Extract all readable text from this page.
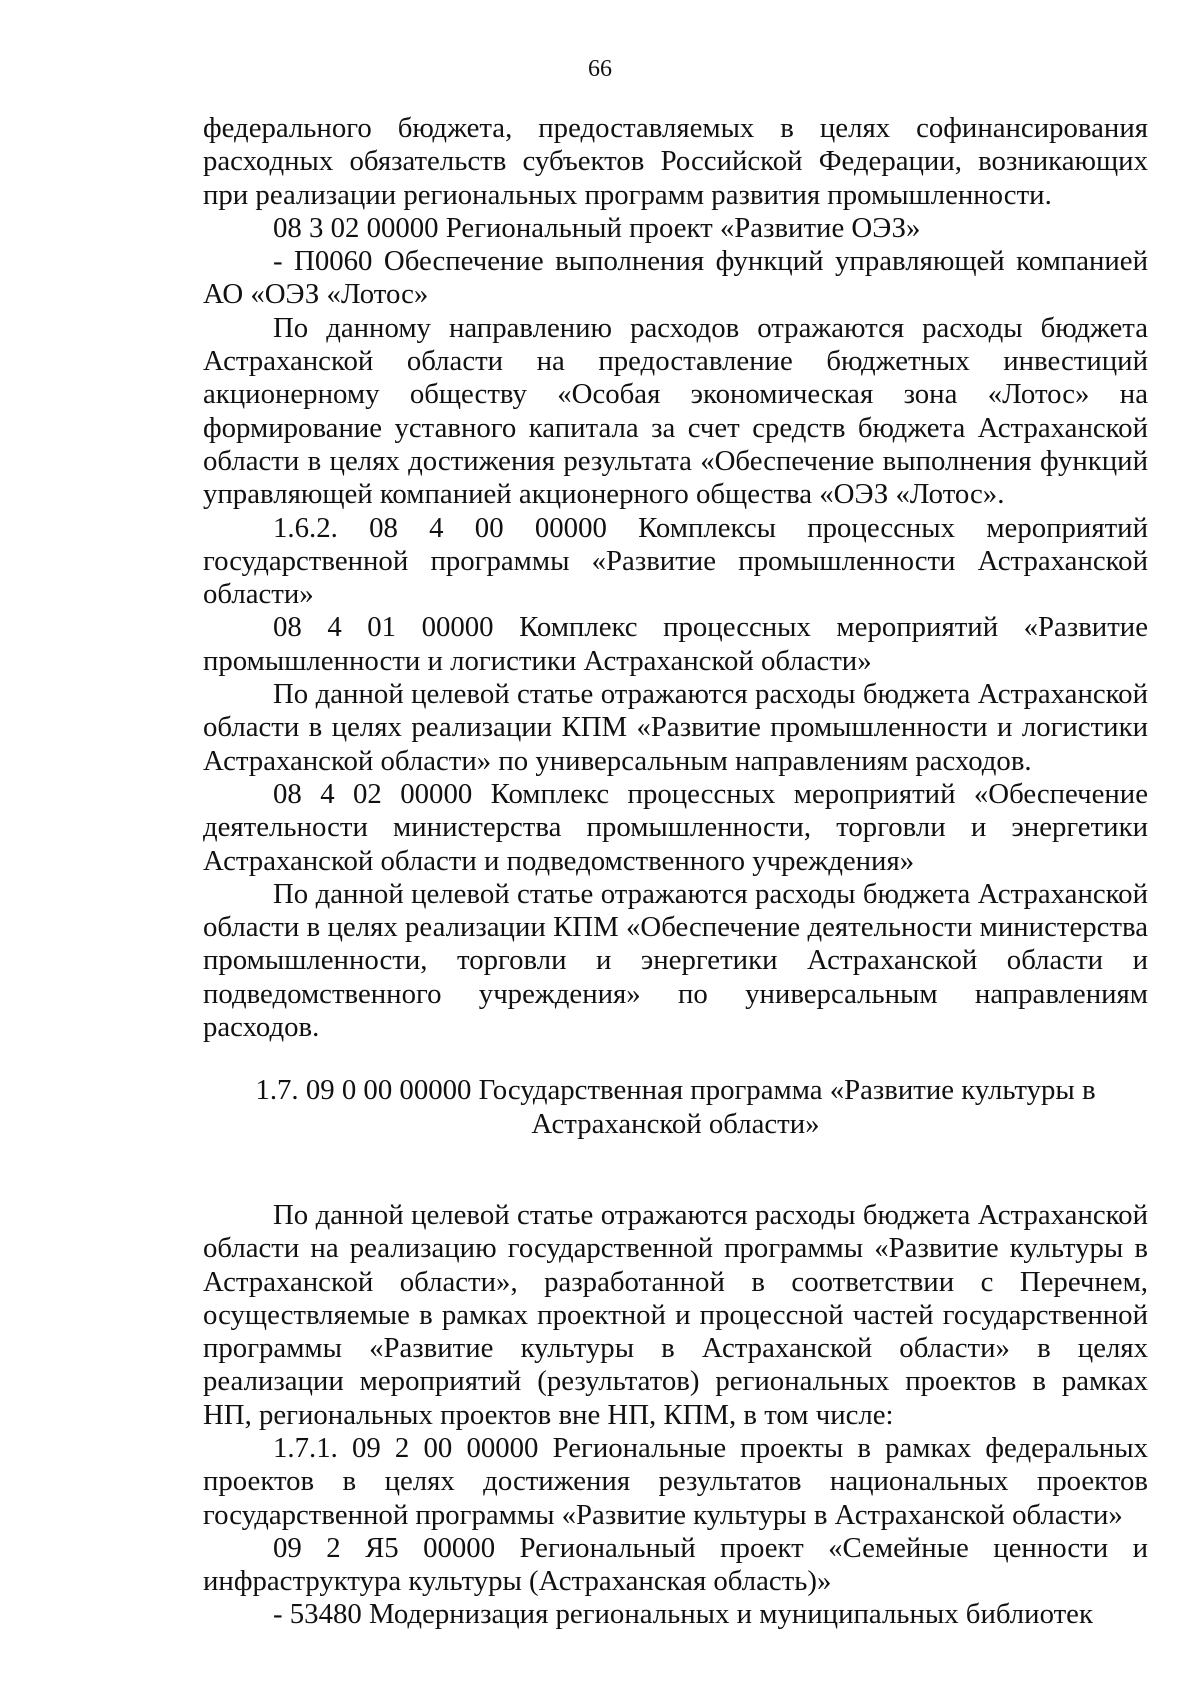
66

федерального бюджета, предоставляемых в целях софинансирования расходных обязательств субъектов Российской Федерации, возникающих при реализации региональных программ развития промышленности.

08 3 02 00000 Региональный проект «Развитие ОЭЗ»

- П0060 Обеспечение выполнения функций управляющей компанией АО «ОЭЗ «Лотос»

По данному направлению расходов отражаются расходы бюджета Астраханской области на предоставление бюджетных инвестиций акционерному обществу «Особая экономическая зона «Лотос» на формирование уставного капитала за счет средств бюджета Астраханской области в целях достижения результата «Обеспечение выполнения функций управляющей компанией акционерного общества «ОЭЗ «Лотос».

1.6.2. 08 4 00 00000 Комплексы процессных мероприятий государственной программы «Развитие промышленности Астраханской области»

08 4 01 00000 Комплекс процессных мероприятий «Развитие промышленности и логистики Астраханской области»

По данной целевой статье отражаются расходы бюджета Астраханской области в целях реализации КПМ «Развитие промышленности и логистики Астраханской области» по универсальным направлениям расходов.

08 4 02 00000 Комплекс процессных мероприятий «Обеспечение деятельности министерства промышленности, торговли и энергетики Астраханской области и подведомственного учреждения»

По данной целевой статье отражаются расходы бюджета Астраханской области в целях реализации КПМ «Обеспечение деятельности министерства промышленности, торговли и энергетики Астраханской области и подведомственного учреждения» по универсальным направлениям расходов.

1.7. 09 0 00 00000 Государственная программа «Развитие культуры в Астраханской области»

По данной целевой статье отражаются расходы бюджета Астраханской области на реализацию государственной программы «Развитие культуры в Астраханской области», разработанной в соответствии с Перечнем, осуществляемые в рамках проектной и процессной частей государственной программы «Развитие культуры в Астраханской области» в целях реализации мероприятий (результатов) региональных проектов в рамках НП, региональных проектов вне НП, КПМ, в том числе:

1.7.1. 09 2 00 00000 Региональные проекты в рамках федеральных проектов в целях достижения результатов национальных проектов государственной программы «Развитие культуры в Астраханской области»

09 2 Я5 00000 Региональный проект «Семейные ценности и инфраструктура культуры (Астраханская область)»

- 53480 Модернизация региональных и муниципальных библиотек
